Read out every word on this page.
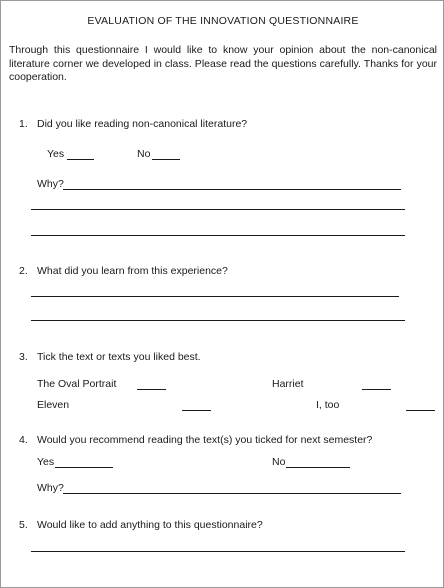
EVALUATION OF THE INNOVATION QUESTIONNAIRE
Through this questionnaire I would like to know your opinion about the non-canonical literature corner we developed in class. Please read the questions carefully. Thanks for your cooperation.
1. Did you like reading non-canonical literature?
Yes	No
Why?
2. What did you learn from this experience?
3. Tick the text or texts you liked best.
The Oval Portrait	Harriet
Eleven	I, too
4. Would you recommend reading the text(s) you ticked for next semester?
Yes	No
Why?
5. Would like to add anything to this questionnaire?
